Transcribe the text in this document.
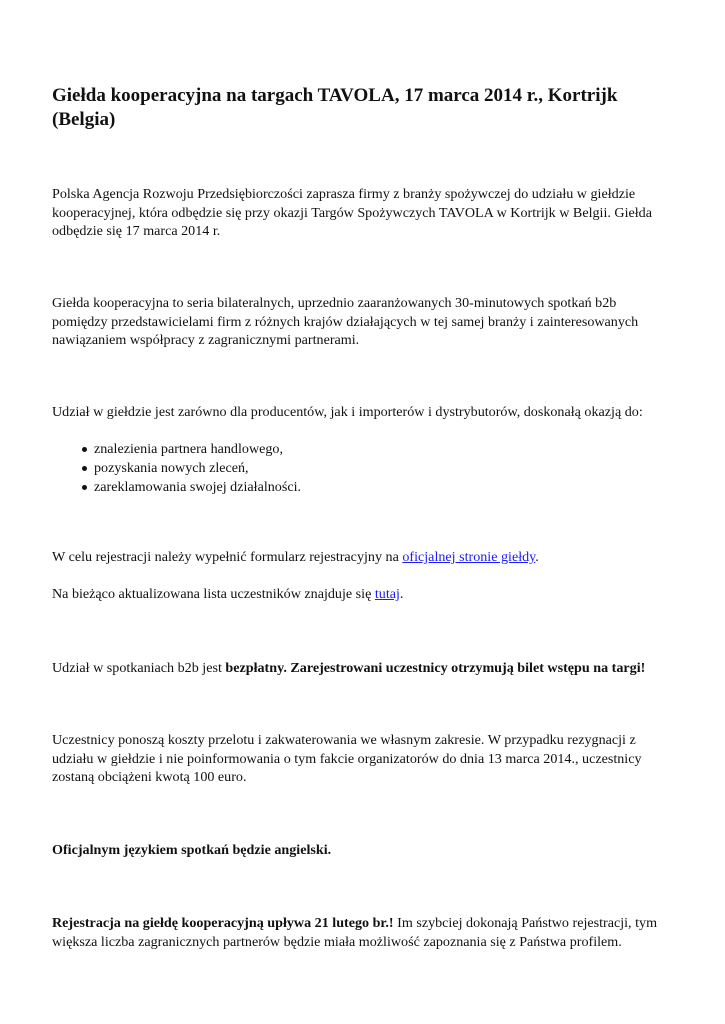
Giełda kooperacyjna na targach TAVOLA, 17 marca 2014 r., Kortrijk (Belgia)

Polska Agencja Rozwoju Przedsiębiorczości zaprasza firmy z branży spożywczej do udziału w giełdzie kooperacyjnej, która odbędzie się przy okazji Targów Spożywczych TAVOLA w Kortrijk w Belgii. Giełda odbędzie się 17 marca 2014 r.

Giełda kooperacyjna to seria bilateralnych, uprzednio zaaranżowanych 30-minutowych spotkań b2b pomiędzy przedstawicielami firm z różnych krajów działających w tej samej branży i zainteresowanych nawiązaniem współpracy z zagranicznymi partnerami.

Udział w giełdzie jest zarówno dla producentów, jak i importerów i dystrybutorów, doskonałą okazją do:

znalezienia partnera handlowego,
pozyskania nowych zleceń,
zareklamowania swojej działalności.

W celu rejestracji należy wypełnić formularz rejestracyjny na oficjalnej stronie giełdy.

Na bieżąco aktualizowana lista uczestników znajduje się tutaj.

Udział w spotkaniach b2b jest bezpłatny. Zarejestrowani uczestnicy otrzymują bilet wstępu na targi!

Uczestnicy ponoszą koszty przelotu i zakwaterowania we własnym zakresie. W przypadku rezygnacji z udziału w giełdzie i nie poinformowania o tym fakcie organizatorów do dnia 13 marca 2014., uczestnicy zostaną obciążeni kwotą 100 euro.

Oficjalnym językiem spotkań będzie angielski.

Rejestracja na giełdę kooperacyjną upływa 21 lutego br.! Im szybciej dokonają Państwo rejestracji, tym większa liczba zagranicznych partnerów będzie miała możliwość zapoznania się z Państwa profilem.
